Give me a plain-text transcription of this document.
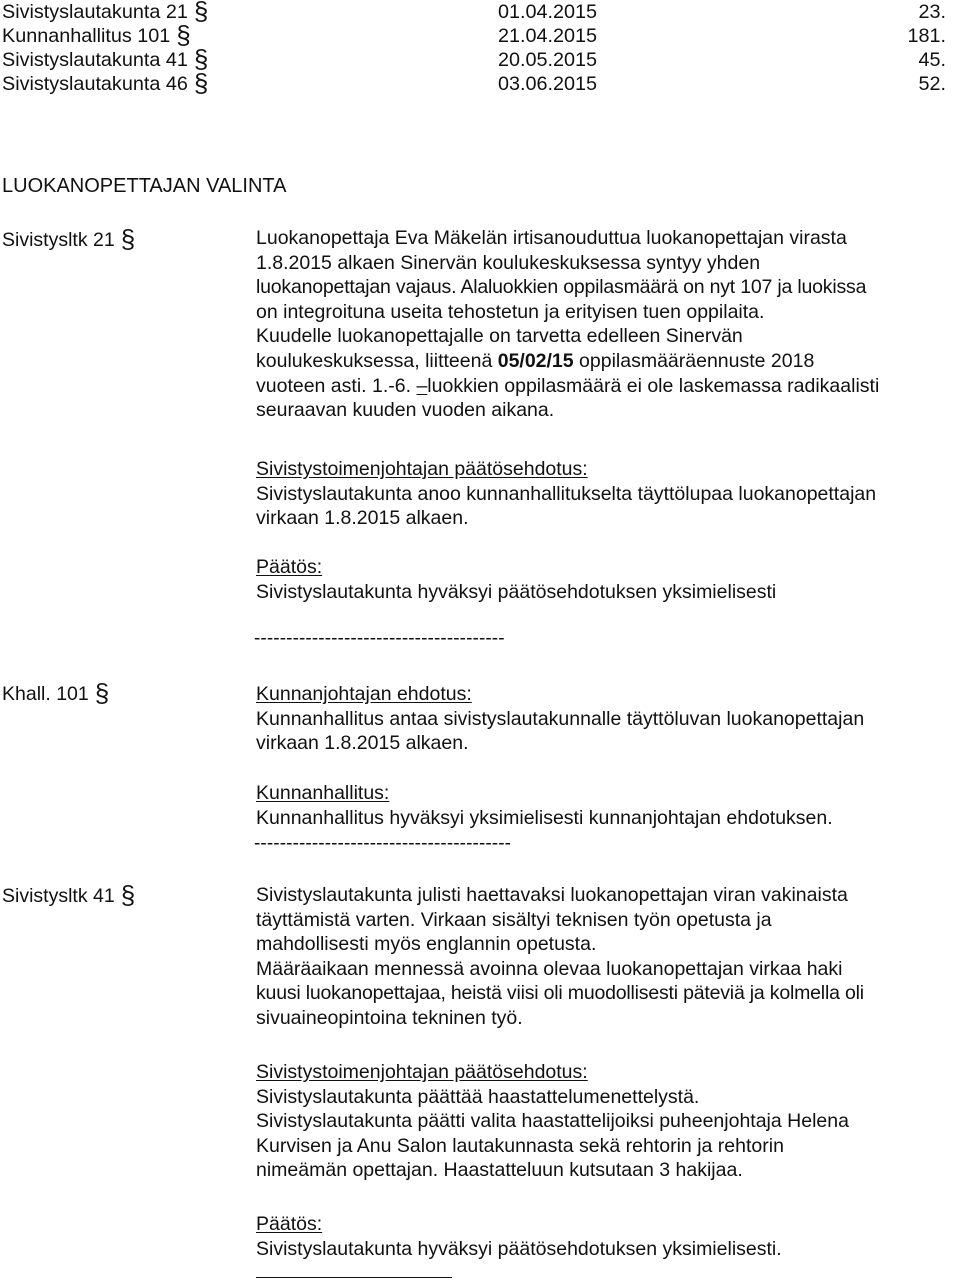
Sivistyslautakunta 21 §	01.04.2015	23.
Kunnanhallitus 101 §	21.04.2015	181.
Sivistyslautakunta 41 §	20.05.2015	45.
Sivistyslautakunta 46 §	03.06.2015	52.
LUOKANOPETTAJAN VALINTA
Sivistysltk 21 §	Luokanopettaja Eva Mäkelän irtisanouduttua luokanopettajan virasta
1.8.2015 alkaen Sinervän koulukeskuksessa syntyy yhden
luokanopettajan vajaus. Alaluokkien oppilasmäärä on nyt 107 ja luokissa
on integroituna useita tehostetun ja erityisen tuen oppilaita.
Kuudelle luokanopettajalle on tarvetta edelleen Sinervän
koulukeskuksessa, liitteenä 05/02/15 oppilasmääräennuste 2018
vuoteen asti. 1.-6. –luokkien oppilasmäärä ei ole laskemassa radikaalisti
seuraavan kuuden vuoden aikana.
Sivistystoimenjohtajan päätösehdotus:
Sivistyslautakunta anoo kunnanhallitukselta täyttölupaa luokanopettajan
virkaan 1.8.2015 alkaen.
Päätös:
Sivistyslautakunta hyväksyi päätösehdotuksen yksimielisesti
---------------------------------------
Khall. 101 §	Kunnanjohtajan ehdotus:
Kunnanhallitus antaa sivistyslautakunnalle täyttöluvan luokanopettajan
virkaan 1.8.2015 alkaen.
Kunnanhallitus:
Kunnanhallitus hyväksyi yksimielisesti kunnanjohtajan ehdotuksen.
----------------------------------------
Sivistysltk 41 §	Sivistyslautakunta julisti haettavaksi luokanopettajan viran vakinaista
täyttämistä varten. Virkaan sisältyi teknisen työn opetusta ja
mahdollisesti myös englannin opetusta.
Määräaikaan mennessä avoinna olevaa luokanopettajan virkaa haki
kuusi luokanopettajaa, heistä viisi oli muodollisesti päteviä ja kolmella oli
sivuaineopintoina tekninen työ.
Sivistystoimenjohtajan päätösehdotus:
Sivistyslautakunta päättää haastattelumenettelystä.
Sivistyslautakunta päätti valita haastattelijoiksi puheenjohtaja Helena
Kurvisen ja Anu Salon lautakunnasta sekä rehtorin ja rehtorin
nimeämän opettajan. Haastatteluun kutsutaan 3 hakijaa.
Päätös:
Sivistyslautakunta hyväksyi päätösehdotuksen yksimielisesti.
